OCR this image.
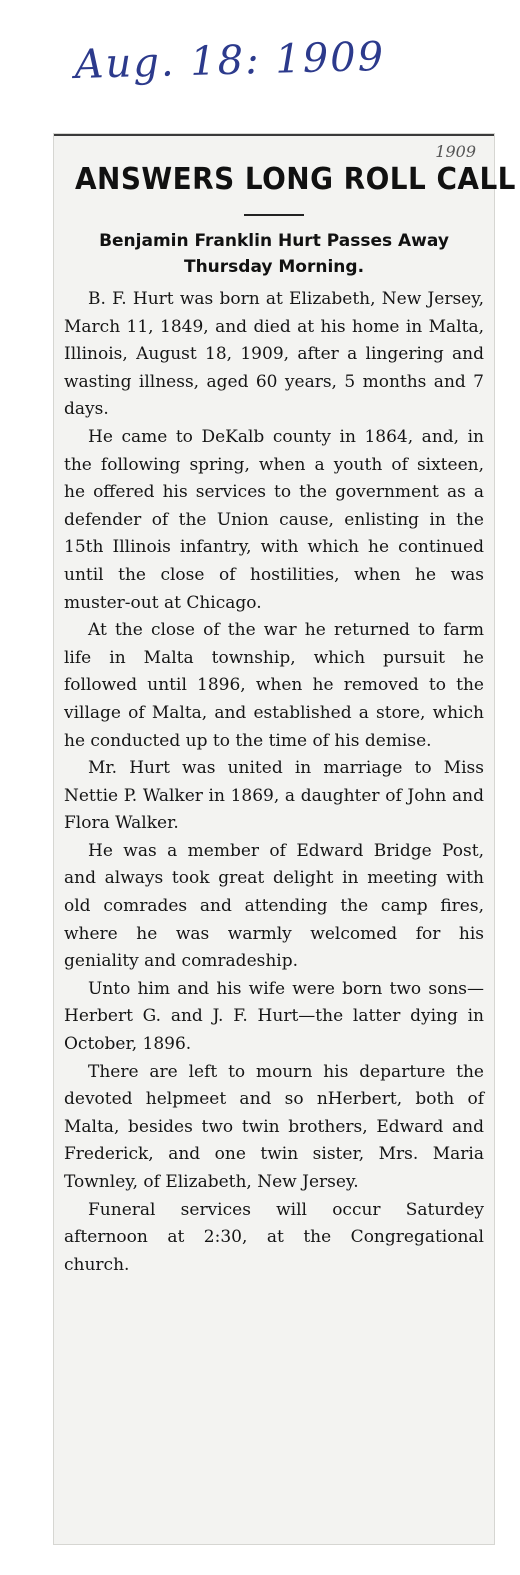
Aug. 18: 1909
1909
ANSWERS LONG ROLL CALL
Benjamin Franklin Hurt Passes Away
Thursday Morning.

B. F. Hurt was born at Elizabeth, New Jersey, March 11, 1849, and died at his home in Malta, Illinois, August 18, 1909, after a lingering and wasting illness, aged 60 years, 5 months and 7 days.

He came to DeKalb county in 1864, and, in the following spring, when a youth of sixteen, he offered his services to the government as a defender of the Union cause, enlisting in the 15th Illinois infantry, with which he continued until the close of hostilities, when he was muster-out at Chicago.

At the close of the war he returned to farm life in Malta township, which pursuit he followed until 1896, when he removed to the village of Malta, and established a store, which he conducted up to the time of his demise.

Mr. Hurt was united in marriage to Miss Nettie P. Walker in 1869, a daughter of John and Flora Walker.

He was a member of Edward Bridge Post, and always took great delight in meeting with old comrades and attending the camp fires, where he was warmly welcomed for his geniality and comradeship.

Unto him and his wife were born two sons—Herbert G. and J. F. Hurt—the latter dying in October, 1896.

There are left to mourn his departure the devoted helpmeet and so nHerbert, both of Malta, besides two twin brothers, Edward and Frederick, and one twin sister, Mrs. Maria Townley, of Elizabeth, New Jersey.

Funeral services will occur Saturdey afternoon at 2:30, at the Congregational church.
